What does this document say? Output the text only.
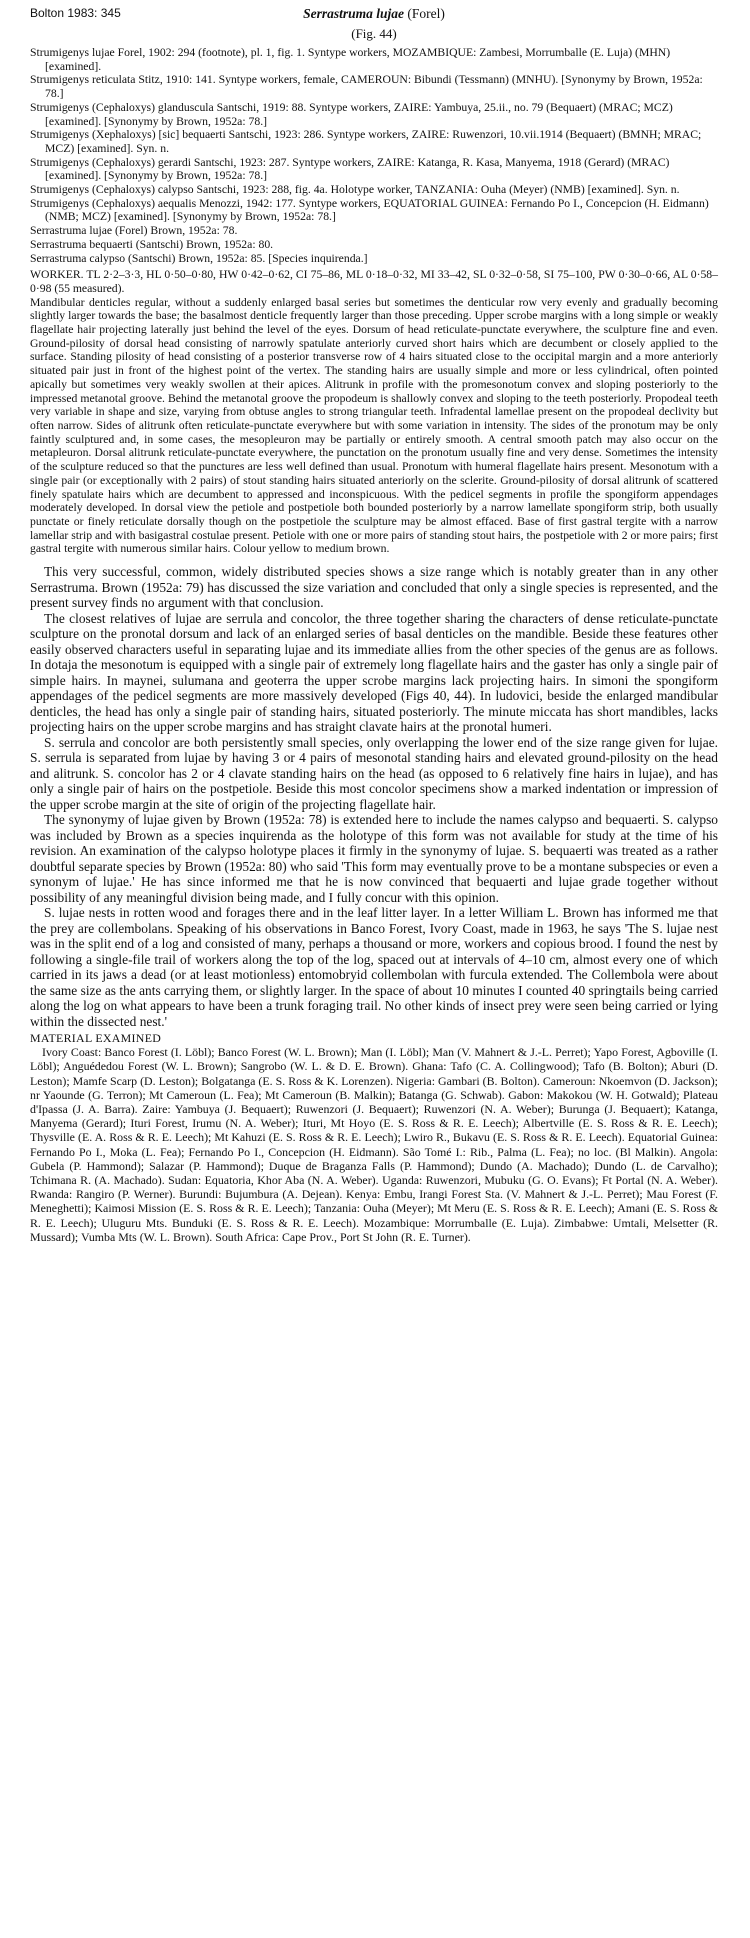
Bolton 1983: 345	Serrastruma lujae (Forel)
(Fig. 44)

Strumigenys lujae Forel, 1902: 294 (footnote), pl. 1, fig. 1. Syntype workers, MOZAMBIQUE: Zambesi, Morrumballe (E. Luja) (MHN) [examined].

Strumigenys reticulata Stitz, 1910: 141. Syntype workers, female, CAMEROUN: Bibundi (Tessmann) (MNHU). [Synonymy by Brown, 1952a: 78.]

Strumigenys (Cephaloxys) glanduscula Santschi, 1919: 88. Syntype workers, ZAIRE: Yambuya, 25.ii., no. 79 (Bequaert) (MRAC; MCZ) [examined]. [Synonymy by Brown, 1952a: 78.]

Strumigenys (Xephaloxys) [sic] bequaerti Santschi, 1923: 286. Syntype workers, ZAIRE: Ruwenzori, 10.vii.1914 (Bequaert) (BMNH; MRAC; MCZ) [examined]. Syn. n.

Strumigenys (Cephaloxys) gerardi Santschi, 1923: 287. Syntype workers, ZAIRE: Katanga, R. Kasa, Manyema, 1918 (Gerard) (MRAC) [examined]. [Synonymy by Brown, 1952a: 78.]

Strumigenys (Cephaloxys) calypso Santschi, 1923: 288, fig. 4a. Holotype worker, TANZANIA: Ouha (Meyer) (NMB) [examined]. Syn. n.

Strumigenys (Cephaloxys) aequalis Menozzi, 1942: 177. Syntype workers, EQUATORIAL GUINEA: Fernando Po I., Concepcion (H. Eidmann) (NMB; MCZ) [examined]. [Synonymy by Brown, 1952a: 78.]

Serrastruma lujae (Forel) Brown, 1952a: 78.

Serrastruma bequaerti (Santschi) Brown, 1952a: 80.

Serrastruma calypso (Santschi) Brown, 1952a: 85. [Species inquirenda.]

WORKER. TL 2·2–3·3, HL 0·50–0·80, HW 0·42–0·62, CI 75–86, ML 0·18–0·32, MI 33–42, SL 0·32–0·58, SI 75–100, PW 0·30–0·66, AL 0·58–0·98 (55 measured).
Mandibular denticles regular, without a suddenly enlarged basal series but sometimes the denticular row very evenly and gradually becoming slightly larger towards the base; the basalmost denticle frequently larger than those preceding. Upper scrobe margins with a long simple or weakly flagellate hair projecting laterally just behind the level of the eyes. Dorsum of head reticulate-punctate everywhere, the sculpture fine and even. Ground-pilosity of dorsal head consisting of narrowly spatulate anteriorly curved short hairs which are decumbent or closely applied to the surface. Standing pilosity of head consisting of a posterior transverse row of 4 hairs situated close to the occipital margin and a more anteriorly situated pair just in front of the highest point of the vertex. The standing hairs are usually simple and more or less cylindrical, often pointed apically but sometimes very weakly swollen at their apices. Alitrunk in profile with the promesonotum convex and sloping posteriorly to the impressed metanotal groove. Behind the metanotal groove the propodeum is shallowly convex and sloping to the teeth posteriorly. Propodeal teeth very variable in shape and size, varying from obtuse angles to strong triangular teeth. Infradental lamellae present on the propodeal declivity but often narrow. Sides of alitrunk often reticulate-punctate everywhere but with some variation in intensity. The sides of the pronotum may be only faintly sculptured and, in some cases, the mesopleuron may be partially or entirely smooth. A central smooth patch may also occur on the metapleuron. Dorsal alitrunk reticulate-punctate everywhere, the punctation on the pronotum usually fine and very dense. Sometimes the intensity of the sculpture reduced so that the punctures are less well defined than usual. Pronotum with humeral flagellate hairs present. Mesonotum with a single pair (or exceptionally with 2 pairs) of stout standing hairs situated anteriorly on the sclerite. Ground-pilosity of dorsal alitrunk of scattered finely spatulate hairs which are decumbent to appressed and inconspicuous. With the pedicel segments in profile the spongiform appendages moderately developed. In dorsal view the petiole and postpetiole both bounded posteriorly by a narrow lamellate spongiform strip, both usually punctate or finely reticulate dorsally though on the postpetiole the sculpture may be almost effaced. Base of first gastral tergite with a narrow lamellar strip and with basigastral costulae present. Petiole with one or more pairs of standing stout hairs, the postpetiole with 2 or more pairs; first gastral tergite with numerous similar hairs. Colour yellow to medium brown.

This very successful, common, widely distributed species shows a size range which is notably greater than in any other Serrastruma. Brown (1952a: 79) has discussed the size variation and concluded that only a single species is represented, and the present survey finds no argument with that conclusion.

The closest relatives of lujae are serrula and concolor, the three together sharing the characters of dense reticulate-punctate sculpture on the pronotal dorsum and lack of an enlarged series of basal denticles on the mandible. Beside these features other easily observed characters useful in separating lujae and its immediate allies from the other species of the genus are as follows. In dotaja the mesonotum is equipped with a single pair of extremely long flagellate hairs and the gaster has only a single pair of simple hairs. In maynei, sulumana and geoterra the upper scrobe margins lack projecting hairs. In simoni the spongiform appendages of the pedicel segments are more massively developed (Figs 40, 44). In ludovici, beside the enlarged mandibular denticles, the head has only a single pair of standing hairs, situated posteriorly. The minute miccata has short mandibles, lacks projecting hairs on the upper scrobe margins and has straight clavate hairs at the pronotal humeri.

S. serrula and concolor are both persistently small species, only overlapping the lower end of the size range given for lujae. S. serrula is separated from lujae by having 3 or 4 pairs of mesonotal standing hairs and elevated ground-pilosity on the head and alitrunk. S. concolor has 2 or 4 clavate standing hairs on the head (as opposed to 6 relatively fine hairs in lujae), and has only a single pair of hairs on the postpetiole. Beside this most concolor specimens show a marked indentation or impression of the upper scrobe margin at the site of origin of the projecting flagellate hair.

The synonymy of lujae given by Brown (1952a: 78) is extended here to include the names calypso and bequaerti. S. calypso was included by Brown as a species inquirenda as the holotype of this form was not available for study at the time of his revision. An examination of the calypso holotype places it firmly in the synonymy of lujae. S. bequaerti was treated as a rather doubtful separate species by Brown (1952a: 80) who said 'This form may eventually prove to be a montane subspecies or even a synonym of lujae.' He has since informed me that he is now convinced that bequaerti and lujae grade together without possibility of any meaningful division being made, and I fully concur with this opinion.

S. lujae nests in rotten wood and forages there and in the leaf litter layer. In a letter William L. Brown has informed me that the prey are collembolans. Speaking of his observations in Banco Forest, Ivory Coast, made in 1963, he says 'The S. lujae nest was in the split end of a log and consisted of many, perhaps a thousand or more, workers and copious brood. I found the nest by following a single-file trail of workers along the top of the log, spaced out at intervals of 4–10 cm, almost every one of which carried in its jaws a dead (or at least motionless) entomobryid collembolan with furcula extended. The Collembola were about the same size as the ants carrying them, or slightly larger. In the space of about 10 minutes I counted 40 springtails being carried along the log on what appears to have been a trunk foraging trail. No other kinds of insect prey were seen being carried or lying within the dissected nest.'

MATERIAL EXAMINED

Ivory Coast: Banco Forest (I. Löbl); Banco Forest (W. L. Brown); Man (I. Löbl); Man (V. Mahnert & J.-L. Perret); Yapo Forest, Agboville (I. Löbl); Anguédedou Forest (W. L. Brown); Sangrobo (W. L. & D. E. Brown). Ghana: Tafo (C. A. Collingwood); Tafo (B. Bolton); Aburi (D. Leston); Mamfe Scarp (D. Leston); Bolgatanga (E. S. Ross & K. Lorenzen). Nigeria: Gambari (B. Bolton). Cameroun: Nkoemvon (D. Jackson); nr Yaounde (G. Terron); Mt Cameroun (L. Fea); Mt Cameroun (B. Malkin); Batanga (G. Schwab). Gabon: Makokou (W. H. Gotwald); Plateau d'Ipassa (J. A. Barra). Zaire: Yambuya (J. Bequaert); Ruwenzori (J. Bequaert); Ruwenzori (N. A. Weber); Burunga (J. Bequaert); Katanga, Manyema (Gerard); Ituri Forest, Irumu (N. A. Weber); Ituri, Mt Hoyo (E. S. Ross & R. E. Leech); Albertville (E. S. Ross & R. E. Leech); Thysville (E. A. Ross & R. E. Leech); Mt Kahuzi (E. S. Ross & R. E. Leech); Lwiro R., Bukavu (E. S. Ross & R. E. Leech). Equatorial Guinea: Fernando Po I., Moka (L. Fea); Fernando Po I., Concepcion (H. Eidmann). São Tomé I.: Rib., Palma (L. Fea); no loc. (Bl Malkin). Angola: Gubela (P. Hammond); Salazar (P. Hammond); Duque de Braganza Falls (P. Hammond); Dundo (A. Machado); Dundo (L. de Carvalho); Tchimana R. (A. Machado). Sudan: Equatoria, Khor Aba (N. A. Weber). Uganda: Ruwenzori, Mubuku (G. O. Evans); Ft Portal (N. A. Weber). Rwanda: Rangiro (P. Werner). Burundi: Bujumbura (A. Dejean). Kenya: Embu, Irangi Forest Sta. (V. Mahnert & J.-L. Perret); Mau Forest (F. Meneghetti); Kaimosi Mission (E. S. Ross & R. E. Leech); Tanzania: Ouha (Meyer); Mt Meru (E. S. Ross & R. E. Leech); Amani (E. S. Ross & R. E. Leech); Uluguru Mts. Bunduki (E. S. Ross & R. E. Leech). Mozambique: Morrumballe (E. Luja). Zimbabwe: Umtali, Melsetter (R. Mussard); Vumba Mts (W. L. Brown). South Africa: Cape Prov., Port St John (R. E. Turner).
